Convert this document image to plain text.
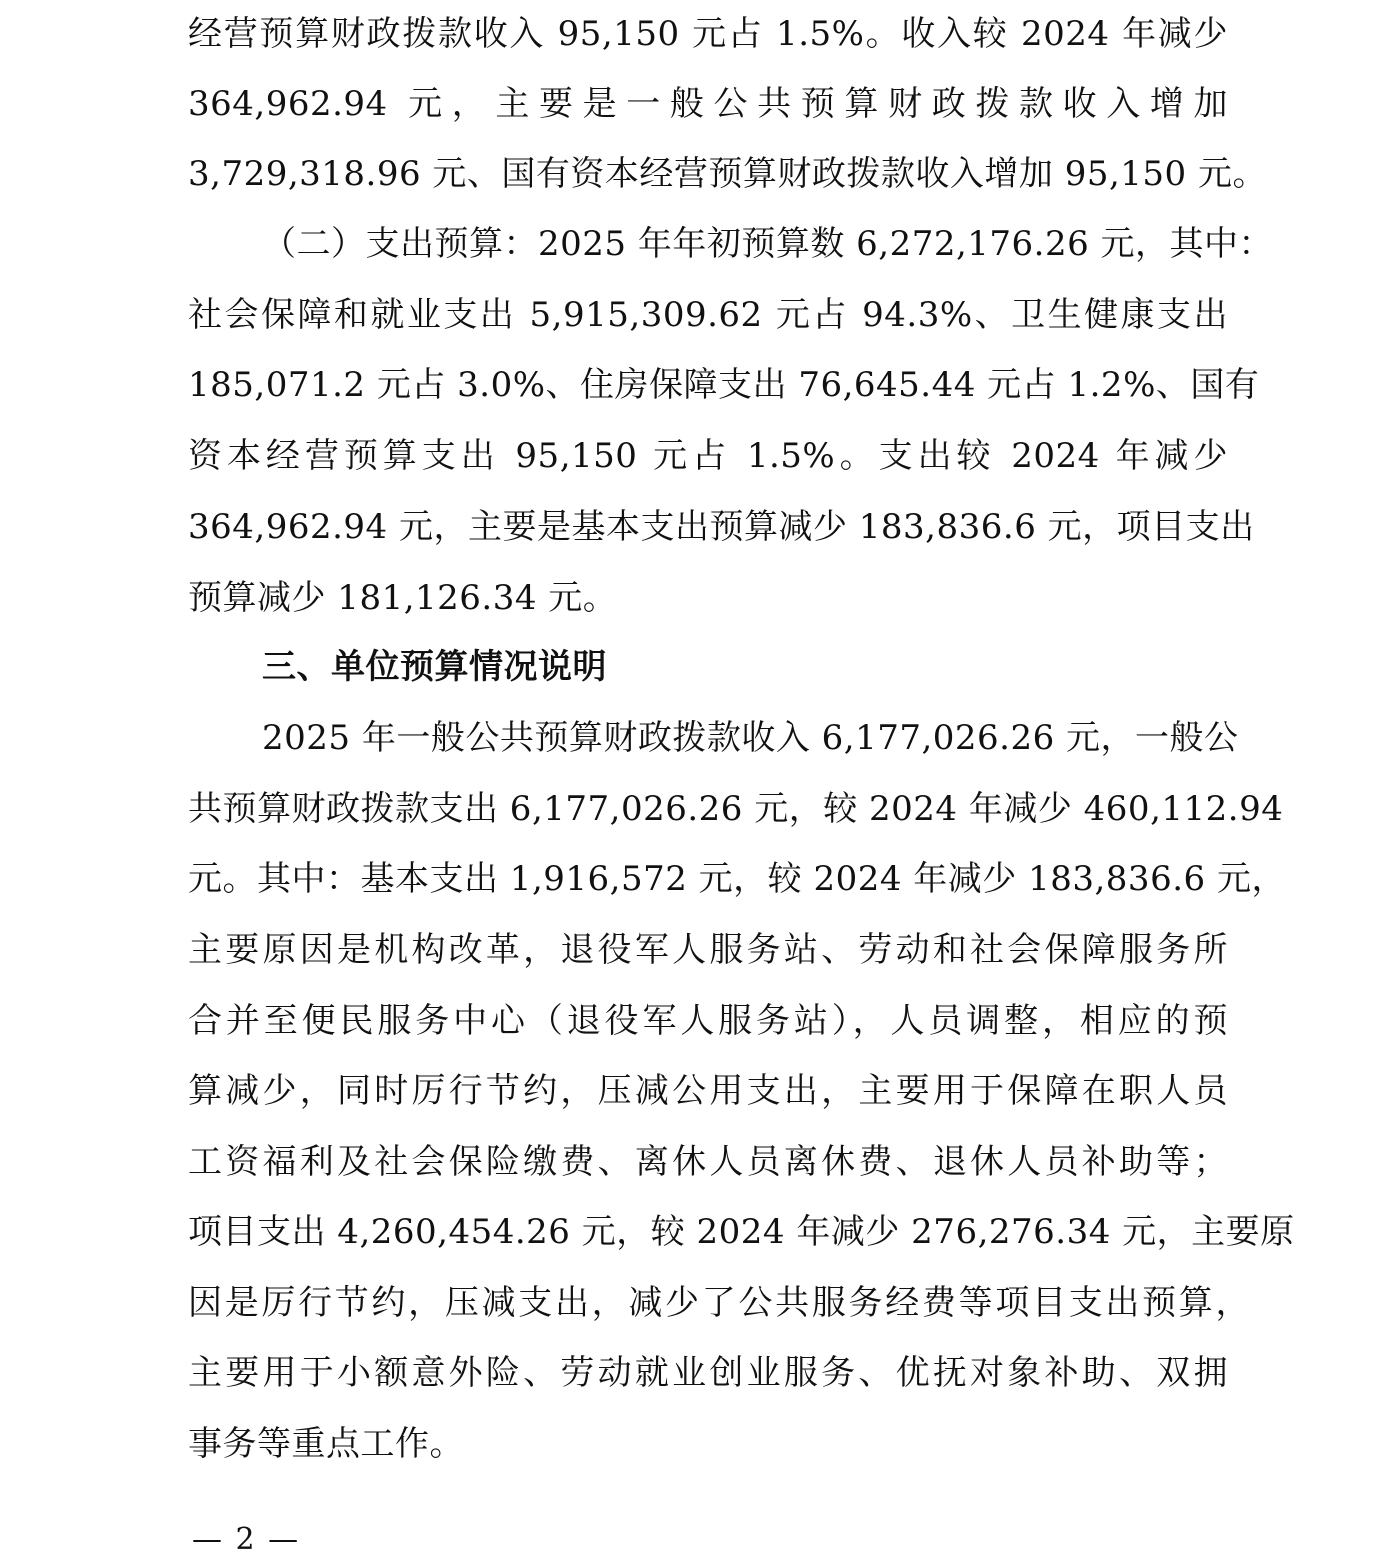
经营预算财政拨款收入 95,150 元占 1.5%。收入较 2024 年减少
364,962.94 元，主要是一般公共预算财政拨款收入增加
3,729,318.96 元、国有资本经营预算财政拨款收入增加 95,150 元。
（二）支出预算：2025 年年初预算数 6,272,176.26 元，其中：
社会保障和就业支出 5,915,309.62 元占 94.3%、卫生健康支出
185,071.2 元占 3.0%、住房保障支出 76,645.44 元占 1.2%、国有
资本经营预算支出 95,150 元占 1.5%。支出较 2024 年减少
364,962.94 元，主要是基本支出预算减少 183,836.6 元，项目支出
预算减少 181,126.34 元。
三、单位预算情况说明
2025 年一般公共预算财政拨款收入 6,177,026.26 元，一般公
共预算财政拨款支出 6,177,026.26 元，较 2024 年减少 460,112.94
元。其中：基本支出 1,916,572 元，较 2024 年减少 183,836.6 元，
主要原因是机构改革，退役军人服务站、劳动和社会保障服务所
合并至便民服务中心（退役军人服务站），人员调整，相应的预
算减少，同时厉行节约，压减公用支出，主要用于保障在职人员
工资福利及社会保险缴费、离休人员离休费、退休人员补助等；
项目支出 4,260,454.26 元，较 2024 年减少 276,276.34 元，主要原
因是厉行节约，压减支出，减少了公共服务经费等项目支出预算，
主要用于小额意外险、劳动就业创业服务、优抚对象补助、双拥
事务等重点工作。
— 2 —
